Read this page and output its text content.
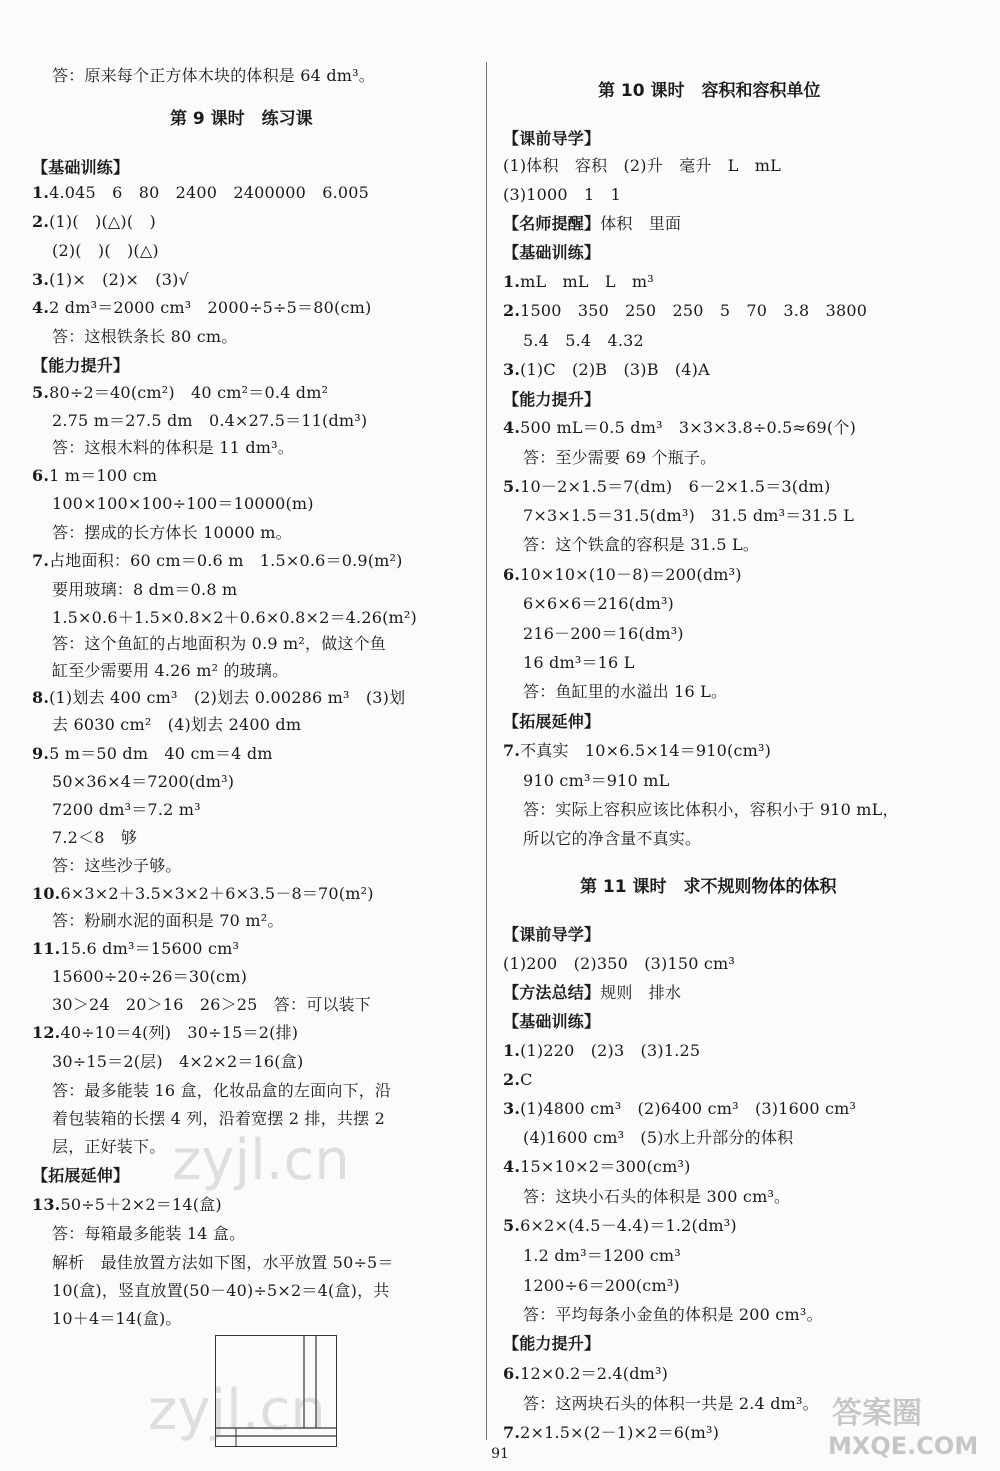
答：原来每个正方体木块的体积是 64 dm³。
第 9 课时　练习课
【基础训练】
1.4.045　6　80　2400　2400000　6.005
2.(1)(　)(△)(　)
(2)(　)(　)(△)
3.(1)×　(2)×　(3)√
4.2 dm³＝2000 cm³　2000÷5÷5＝80(cm)
答：这根铁条长 80 cm。
【能力提升】
5.80÷2＝40(cm²)　40 cm²＝0.4 dm²
2.75 m＝27.5 dm　0.4×27.5＝11(dm³)
答：这根木料的体积是 11 dm³。
6.1 m＝100 cm
100×100×100÷100＝10000(m)
答：摆成的长方体长 10000 m。
7.占地面积：60 cm＝0.6 m　1.5×0.6＝0.9(m²)
要用玻璃：8 dm＝0.8 m
1.5×0.6＋1.5×0.8×2＋0.6×0.8×2＝4.26(m²)
答：这个鱼缸的占地面积为 0.9 m²，做这个鱼
缸至少需要用 4.26 m² 的玻璃。
8.(1)划去 400 cm³　(2)划去 0.00286 m³　(3)划
去 6030 cm²　(4)划去 2400 dm
9.5 m＝50 dm　40 cm＝4 dm
50×36×4＝7200(dm³)
7200 dm³＝7.2 m³
7.2＜8　够
答：这些沙子够。
10.6×3×2＋3.5×3×2＋6×3.5－8＝70(m²)
答：粉刷水泥的面积是 70 m²。
11.15.6 dm³＝15600 cm³
15600÷20÷26＝30(cm)
30＞24　20＞16　26＞25　答：可以装下
12.40÷10＝4(列)　30÷15＝2(排)
30÷15＝2(层)　4×2×2＝16(盒)
答：最多能装 16 盒，化妆品盒的左面向下，沿
着包装箱的长摆 4 列，沿着宽摆 2 排，共摆 2
层，正好装下。
【拓展延伸】
13.50÷5＋2×2＝14(盒)
答：每箱最多能装 14 盒。
解析　最佳放置方法如下图，水平放置 50÷5＝
10(盒)，竖直放置(50－40)÷5×2＝4(盒)，共
10＋4＝14(盒)。
第 10 课时　容积和容积单位
【课前导学】
(1)体积　容积　(2)升　毫升　L　mL
(3)1000　1　1
【名师提醒】体积　里面
【基础训练】
1.mL　mL　L　m³
2.1500　350　250　250　5　70　3.8　3800
5.4　5.4　4.32
3.(1)C　(2)B　(3)B　(4)A
【能力提升】
4.500 mL＝0.5 dm³　3×3×3.8÷0.5≈69(个)
答：至少需要 69 个瓶子。
5.10－2×1.5＝7(dm)　6－2×1.5＝3(dm)
7×3×1.5＝31.5(dm³)　31.5 dm³＝31.5 L
答：这个铁盒的容积是 31.5 L。
6.10×10×(10－8)＝200(dm³)
6×6×6＝216(dm³)
216－200＝16(dm³)
16 dm³＝16 L
答：鱼缸里的水溢出 16 L。
【拓展延伸】
7.不真实　10×6.5×14＝910(cm³)
910 cm³＝910 mL
答：实际上容积应该比体积小，容积小于 910 mL，
所以它的净含量不真实。
第 11 课时　求不规则物体的体积
【课前导学】
(1)200　(2)350　(3)150 cm³
【方法总结】规则　排水
【基础训练】
1.(1)220　(2)3　(3)1.25
2.C
3.(1)4800 cm³　(2)6400 cm³　(3)1600 cm³
(4)1600 cm³　(5)水上升部分的体积
4.15×10×2＝300(cm³)
答：这块小石头的体积是 300 cm³。
5.6×2×(4.5－4.4)＝1.2(dm³)
1.2 dm³＝1200 cm³
1200÷6＝200(cm³)
答：平均每条小金鱼的体积是 200 cm³。
【能力提升】
6.12×0.2＝2.4(dm³)
答：这两块石头的体积一共是 2.4 dm³。
7.2×1.5×(2－1)×2＝6(m³)
91
zyjl.cn
zyjl.cn	答案圈
MXQE.COM
